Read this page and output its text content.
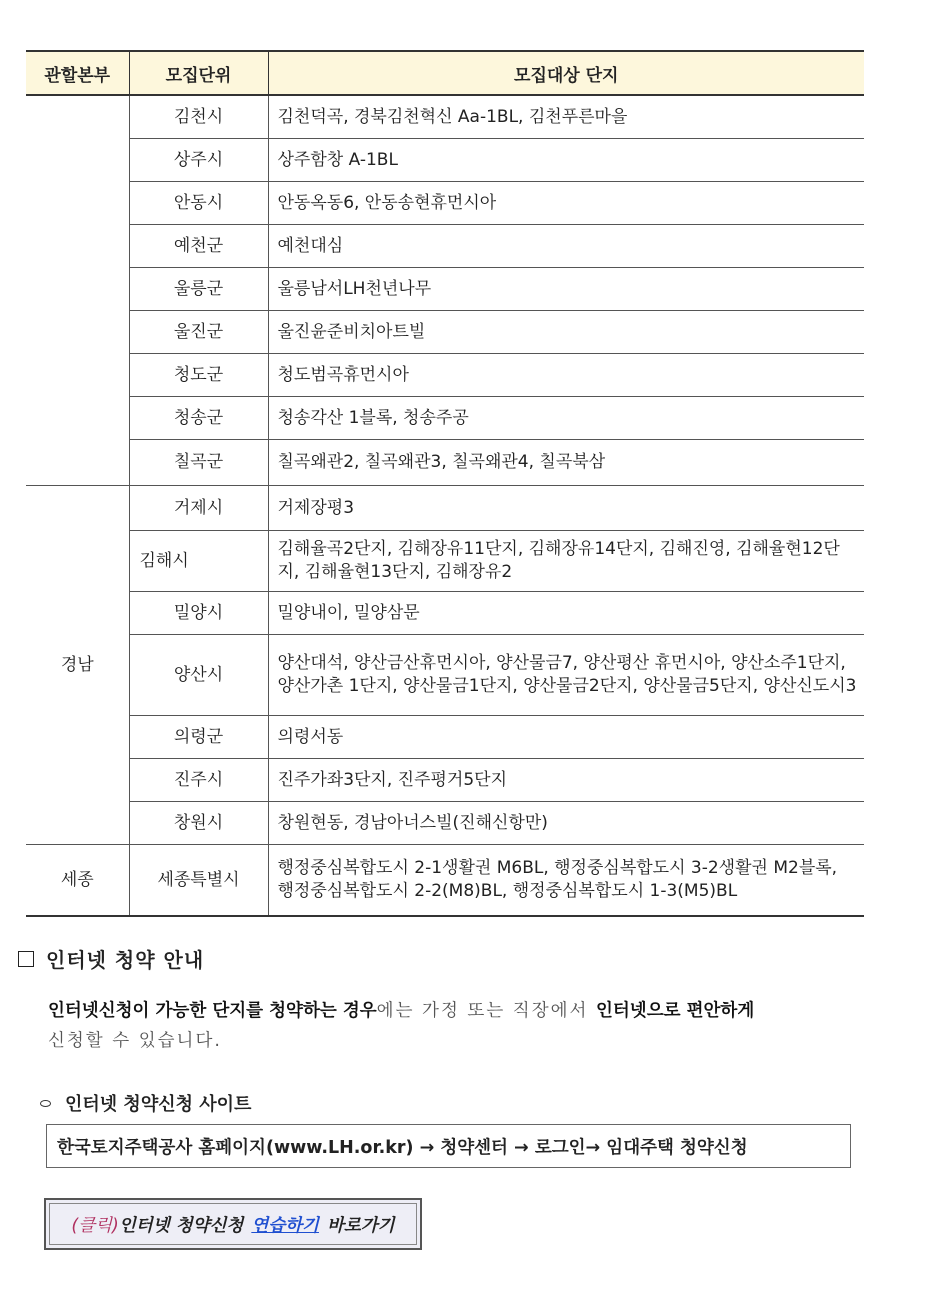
관할본부	모집단위	모집대상 단지
	김천시	김천덕곡, 경북김천혁신 Aa-1BL, 김천푸른마을
	상주시	상주함창 A-1BL
	안동시	안동옥동6, 안동송현휴먼시아
	예천군	예천대심
	울릉군	울릉남서LH천년나무
	울진군	울진윤준비치아트빌
	청도군	청도범곡휴먼시아
	청송군	청송각산 1블록, 청송주공
	칠곡군	칠곡왜관2, 칠곡왜관3, 칠곡왜관4, 칠곡북삼
경남	거제시	거제장평3
	김해시	김해율곡2단지, 김해장유11단지, 김해장유14단지, 김해진영, 김해율현12단지, 김해율현13단지, 김해장유2
	밀양시	밀양내이, 밀양삼문
	양산시	양산대석, 양산금산휴먼시아, 양산물금7, 양산평산 휴먼시아, 양산소주1단지, 양산가촌 1단지, 양산물금1단지, 양산물금2단지, 양산물금5단지, 양산신도시3
	의령군	의령서동
	진주시	진주가좌3단지, 진주평거5단지
	창원시	창원현동, 경남아너스빌(진해신항만)
세종	세종특별시	행정중심복합도시 2-1생활권 M6BL, 행정중심복합도시 3-2생활권 M2블록, 행정중심복합도시 2-2(M8)BL, 행정중심복합도시 1-3(M5)BL
인터넷 청약 안내
인터넷신청이 가능한 단지를 청약하는 경우에는 가정 또는 직장에서 인터넷으로 편안하게
신청할 수 있습니다.
인터넷 청약신청 사이트
한국토지주택공사 홈페이지(www.LH.or.kr) → 청약센터 → 로그인→ 임대주택 청약신청
(클릭) 인터넷 청약신청 연습하기 바로가기
